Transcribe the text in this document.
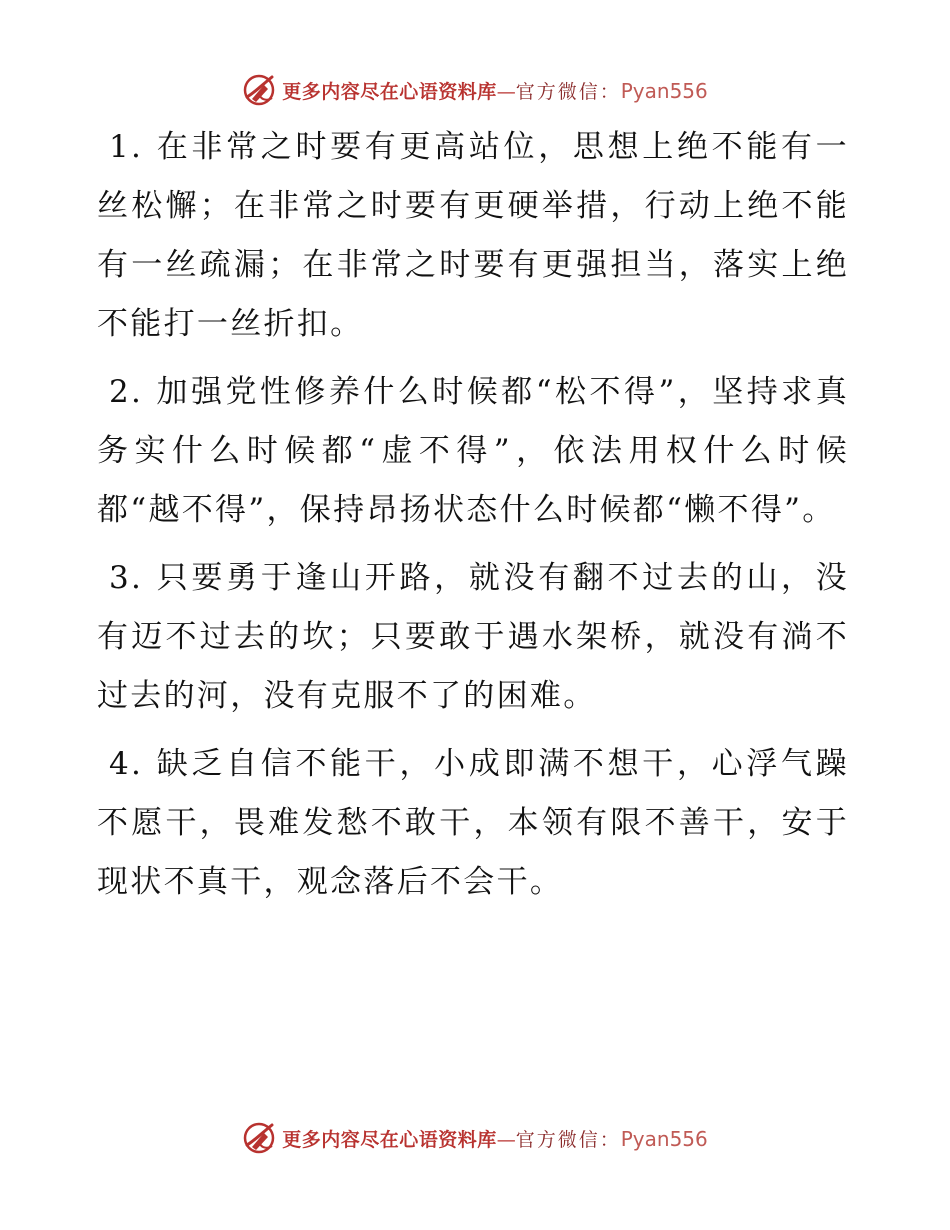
更多内容尽在心语资料库 — 官方微信： Pyan556

1. 在非常之时要有更高站位，思想上绝不能有一丝松懈；在非常之时要有更硬举措，行动上绝不能有一丝疏漏；在非常之时要有更强担当，落实上绝不能打一丝折扣。

2. 加强党性修养什么时候都“松不得”，坚持求真务实什么时候都“虚不得”，依法用权什么时候都“越不得”，保持昂扬状态什么时候都“懒不得”。

3. 只要勇于逢山开路，就没有翻不过去的山，没有迈不过去的坎；只要敢于遇水架桥，就没有淌不过去的河，没有克服不了的困难。

4. 缺乏自信不能干，小成即满不想干，心浮气躁不愿干，畏难发愁不敢干，本领有限不善干，安于现状不真干，观念落后不会干。

更多内容尽在心语资料库 — 官方微信： Pyan556
